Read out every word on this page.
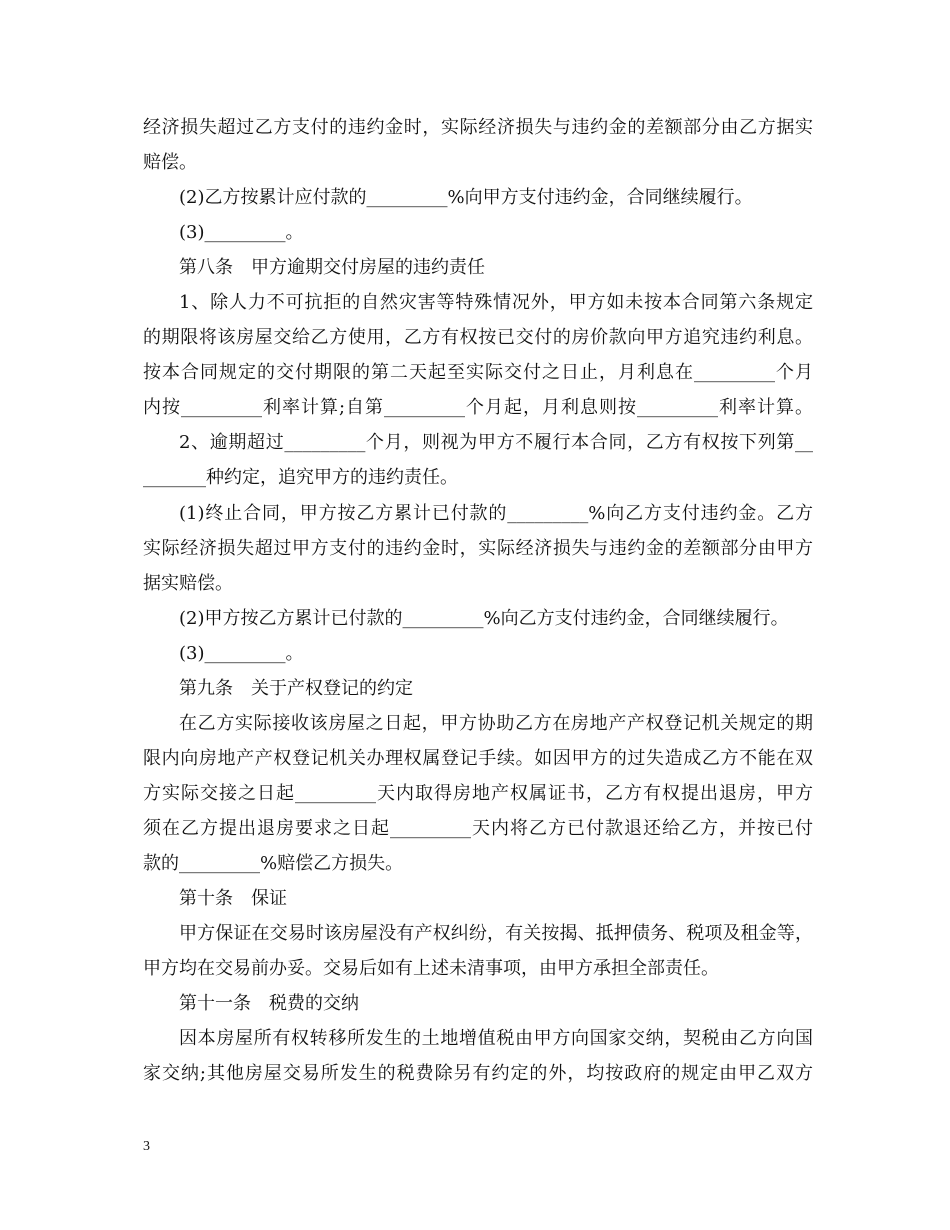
经济损失超过乙方支付的违约金时，实际经济损失与违约金的差额部分由乙方据实
赔偿。
(2)乙方按累计应付款的_________%向甲方支付违约金，合同继续履行。
(3)_________。
第八条　甲方逾期交付房屋的违约责任
1、除人力不可抗拒的自然灾害等特殊情况外，甲方如未按本合同第六条规定
的期限将该房屋交给乙方使用，乙方有权按已交付的房价款向甲方追究违约利息。
按本合同规定的交付期限的第二天起至实际交付之日止，月利息在_________个月
内按_________利率计算;自第_________个月起，月利息则按_________利率计算。
2、逾期超过_________个月，则视为甲方不履行本合同，乙方有权按下列第__
_______种约定，追究甲方的违约责任。
(1)终止合同，甲方按乙方累计已付款的_________%向乙方支付违约金。乙方
实际经济损失超过甲方支付的违约金时，实际经济损失与违约金的差额部分由甲方
据实赔偿。
(2)甲方按乙方累计已付款的_________%向乙方支付违约金，合同继续履行。
(3)_________。
第九条　关于产权登记的约定
在乙方实际接收该房屋之日起，甲方协助乙方在房地产产权登记机关规定的期
限内向房地产产权登记机关办理权属登记手续。如因甲方的过失造成乙方不能在双
方实际交接之日起_________天内取得房地产权属证书，乙方有权提出退房，甲方
须在乙方提出退房要求之日起_________天内将乙方已付款退还给乙方，并按已付
款的_________%赔偿乙方损失。
第十条　保证
甲方保证在交易时该房屋没有产权纠纷，有关按揭、抵押债务、税项及租金等，
甲方均在交易前办妥。交易后如有上述未清事项，由甲方承担全部责任。
第十一条　税费的交纳
因本房屋所有权转移所发生的土地增值税由甲方向国家交纳，契税由乙方向国
家交纳;其他房屋交易所发生的税费除另有约定的外，均按政府的规定由甲乙双方
3
